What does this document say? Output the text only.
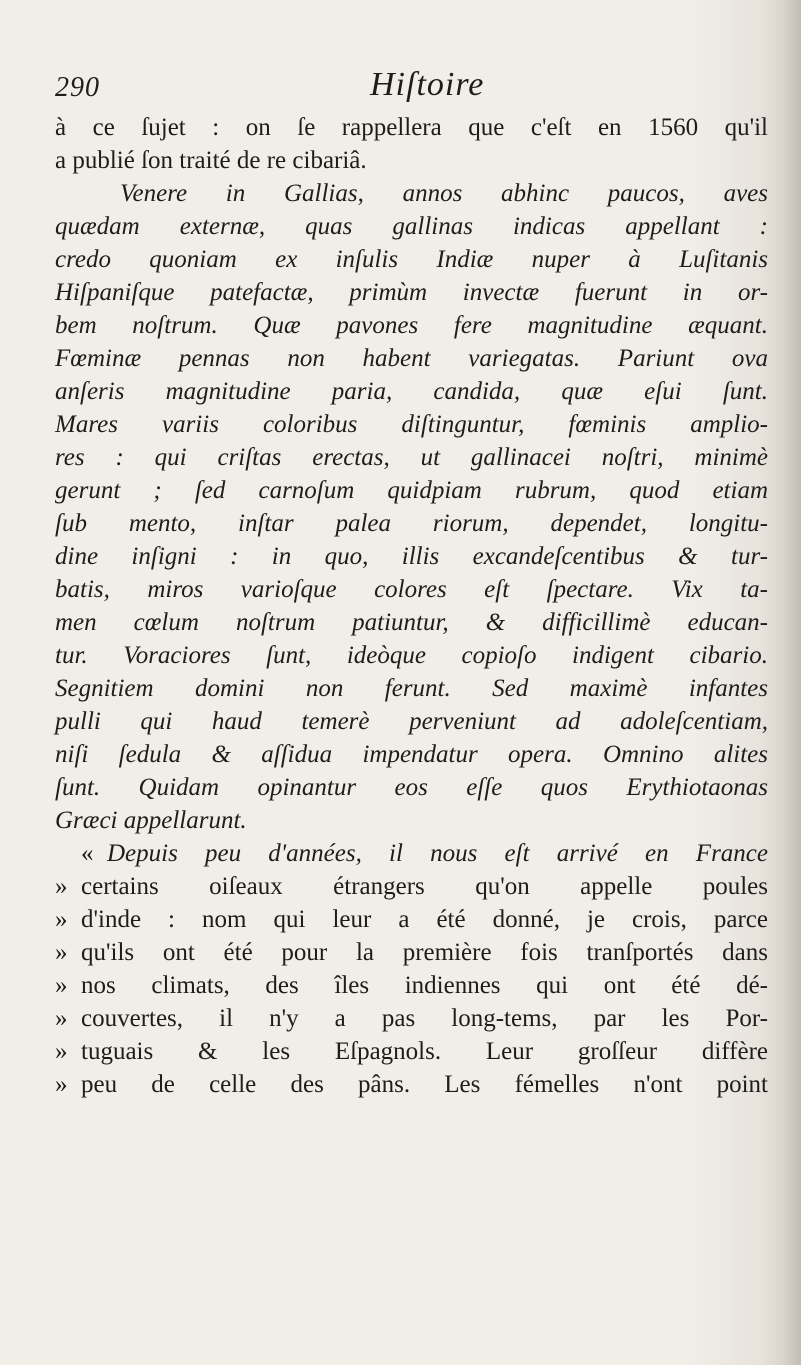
290	Hiſtoire
à ce ſujet : on ſe rappellera que c'eſt en 1560 qu'il
a publié ſon traité de re cibariâ.
Venere in Gallias, annos abhinc paucos, aves
quædam externæ, quas gallinas indicas appellant :
credo quoniam ex inſulis Indiæ nuper à Luſitanis
Hiſpaniſque patefactæ, primùm invectæ fuerunt in or-
bem noſtrum. Quæ pavones fere magnitudine æquant.
Fœminæ pennas non habent variegatas. Pariunt ova
anſeris magnitudine paria, candida, quæ eſui ſunt.
Mares variis coloribus diſtinguntur, fœminis amplio-
res : qui criſtas erectas, ut gallinacei noſtri, minimè
gerunt ; ſed carnoſum quidpiam rubrum, quod etiam
ſub mento, inſtar palea riorum, dependet, longitu-
dine inſigni : in quo, illis excandeſcentibus & tur-
batis, miros varioſque colores eſt ſpectare. Vix ta-
men cœlum noſtrum patiuntur, & difficillimè educan-
tur. Voraciores ſunt, ideòque copioſo indigent cibario.
Segnitiem domini non ferunt. Sed maximè infantes
pulli qui haud temerè perveniunt ad adoleſcentiam,
niſi ſedula & aſſidua impendatur opera. Omnino alites
ſunt. Quidam opinantur eos eſſe quos Erythiotaonas
Græci appellarunt.
« Depuis peu d'années, il nous eſt arrivé en France
» certains oiſeaux étrangers qu'on appelle poules
» d'inde : nom qui leur a été donné, je crois, parce
» qu'ils ont été pour la première fois tranſportés dans
» nos climats, des îles indiennes qui ont été dé-
» couvertes, il n'y a pas long-tems, par les Por-
» tuguais & les Eſpagnols. Leur groſſeur diffère
» peu de celle des pâns. Les fémelles n'ont point
